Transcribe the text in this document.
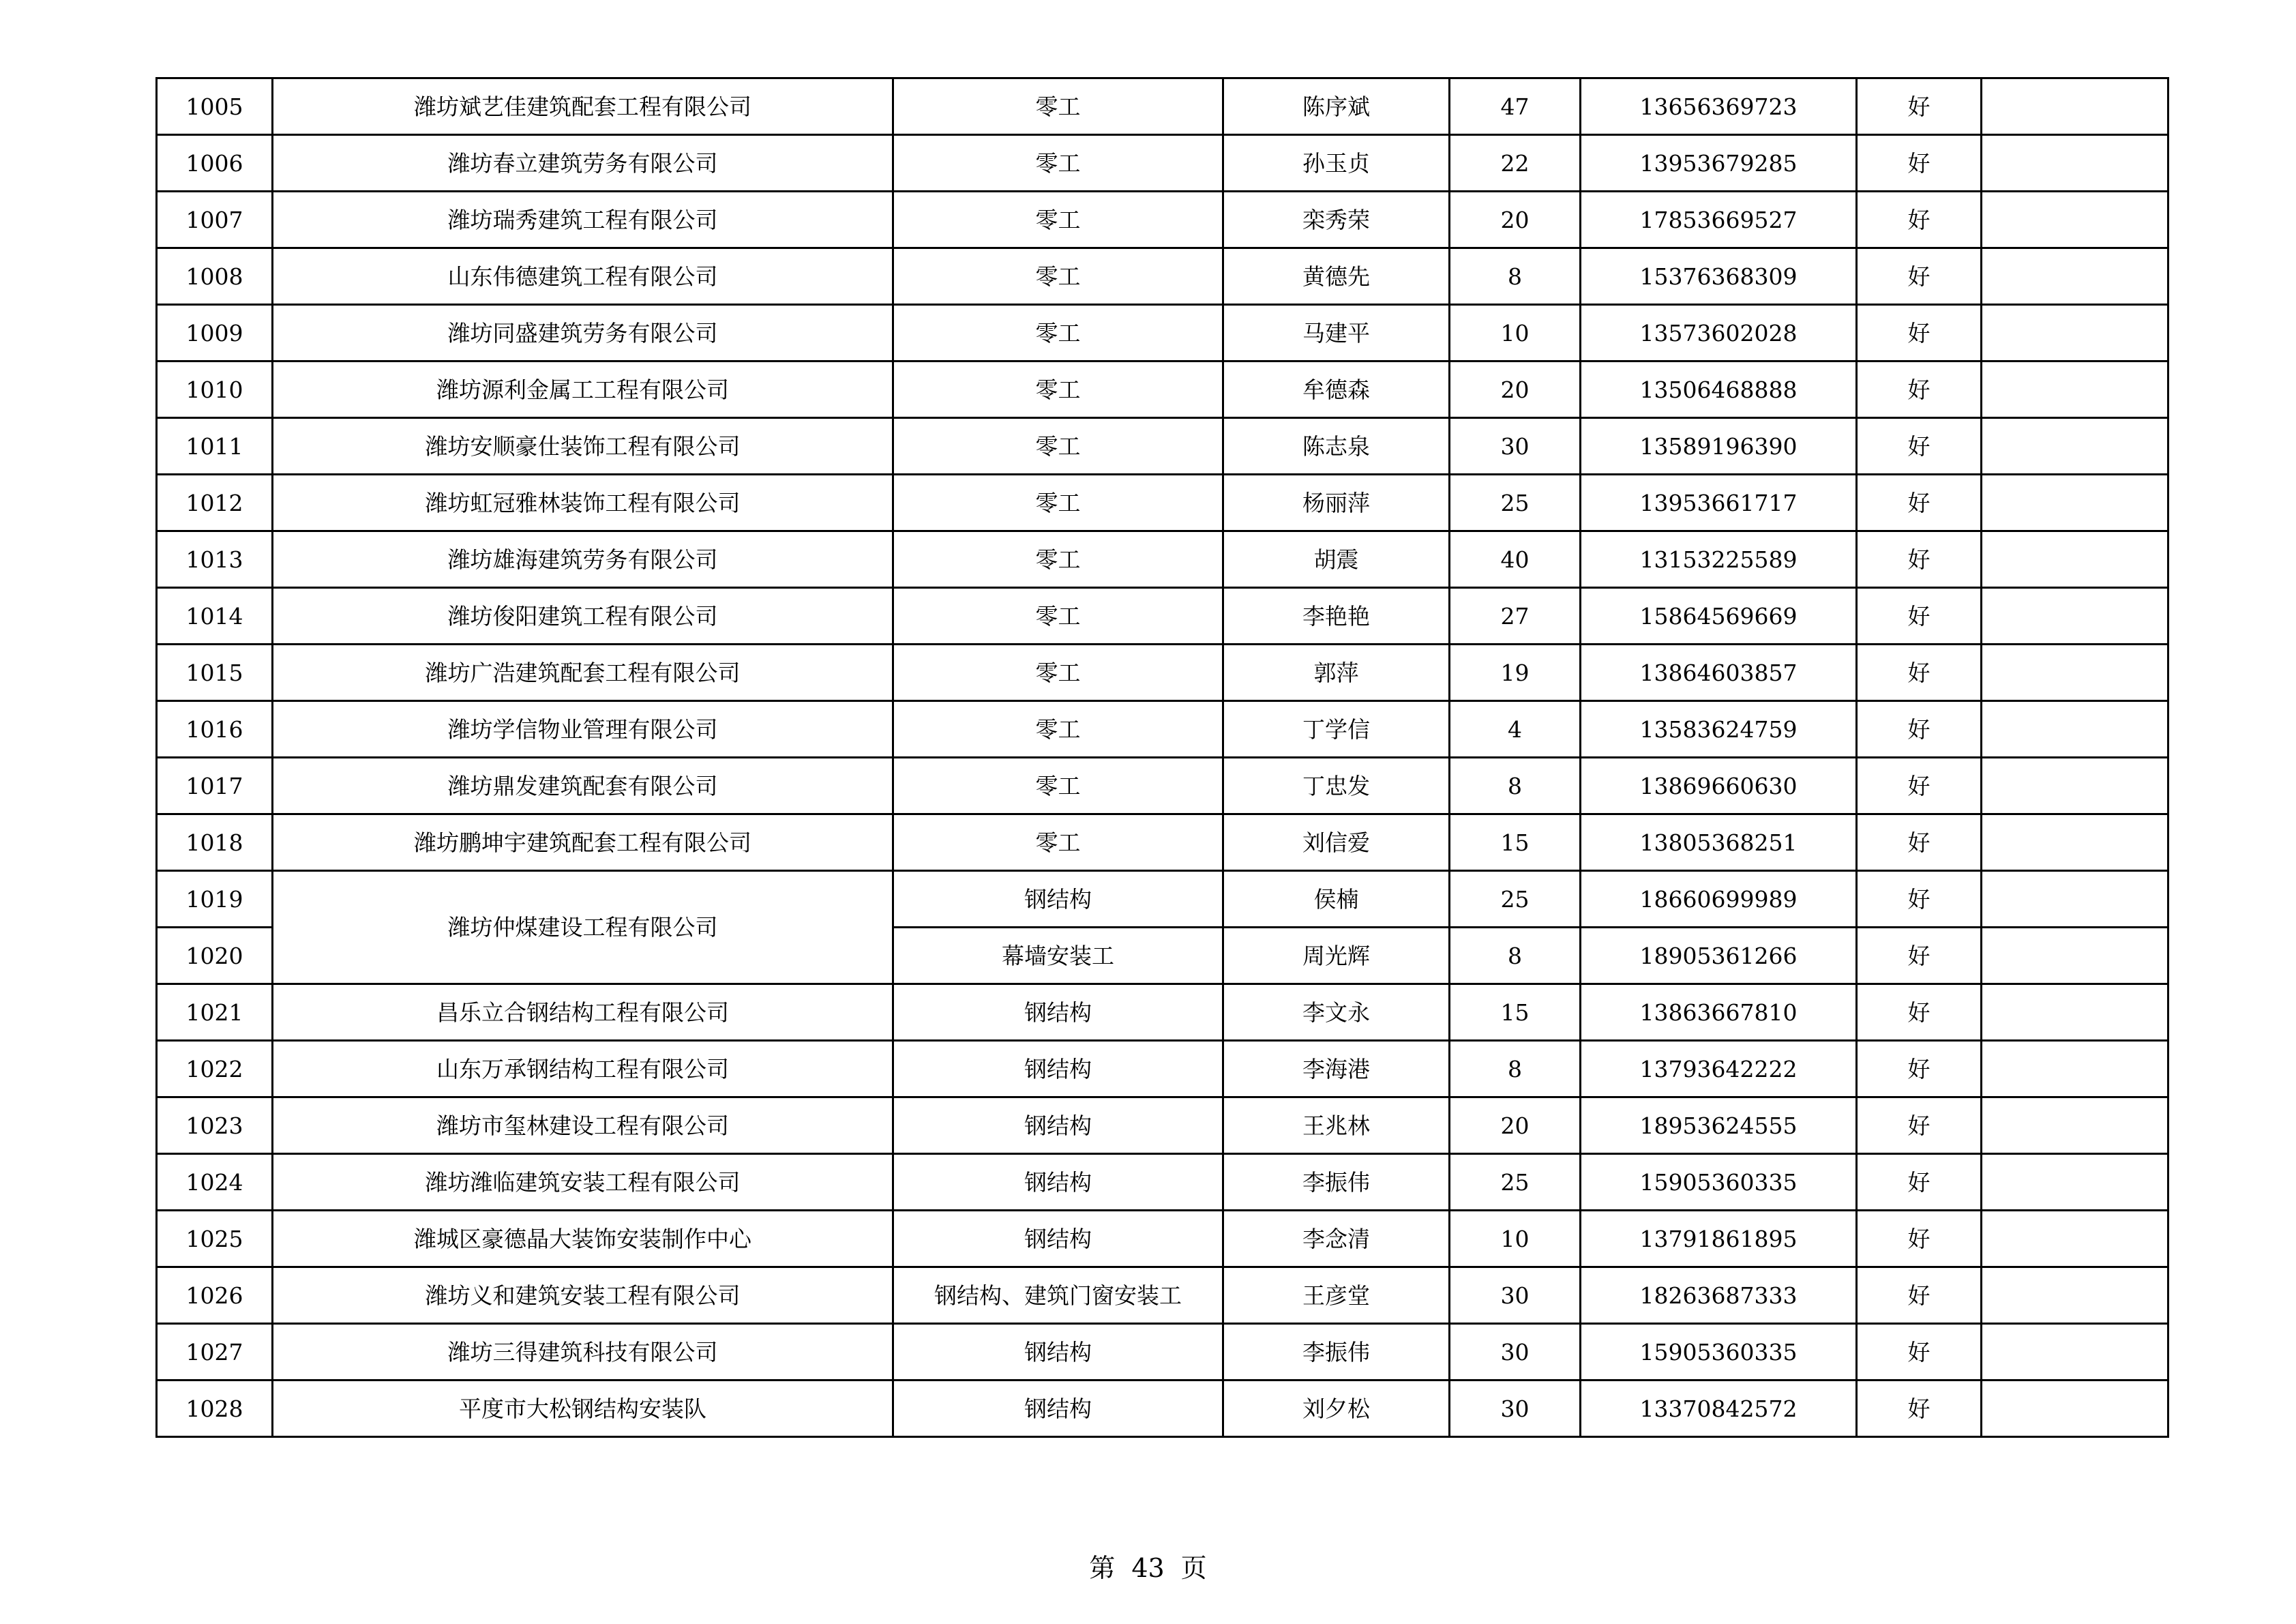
1005	潍坊斌艺佳建筑配套工程有限公司	零工	陈序斌	47	13656369723	好	
1006	潍坊春立建筑劳务有限公司	零工	孙玉贞	22	13953679285	好	
1007	潍坊瑞秀建筑工程有限公司	零工	栾秀荣	20	17853669527	好	
1008	山东伟德建筑工程有限公司	零工	黄德先	8	15376368309	好	
1009	潍坊同盛建筑劳务有限公司	零工	马建平	10	13573602028	好	
1010	潍坊源利金属工工程有限公司	零工	牟德森	20	13506468888	好	
1011	潍坊安顺豪仕装饰工程有限公司	零工	陈志泉	30	13589196390	好	
1012	潍坊虹冠雅林装饰工程有限公司	零工	杨丽萍	25	13953661717	好	
1013	潍坊雄海建筑劳务有限公司	零工	胡震	40	13153225589	好	
1014	潍坊俊阳建筑工程有限公司	零工	李艳艳	27	15864569669	好	
1015	潍坊广浩建筑配套工程有限公司	零工	郭萍	19	13864603857	好	
1016	潍坊学信物业管理有限公司	零工	丁学信	4	13583624759	好	
1017	潍坊鼎发建筑配套有限公司	零工	丁忠发	8	13869660630	好	
1018	潍坊鹏坤宇建筑配套工程有限公司	零工	刘信爱	15	13805368251	好	
1019	潍坊仲煤建设工程有限公司	钢结构	侯楠	25	18660699989	好	
1020		幕墙安装工	周光辉	8	18905361266	好	
1021	昌乐立合钢结构工程有限公司	钢结构	李文永	15	13863667810	好	
1022	山东万承钢结构工程有限公司	钢结构	李海港	8	13793642222	好	
1023	潍坊市玺林建设工程有限公司	钢结构	王兆林	20	18953624555	好	
1024	潍坊潍临建筑安装工程有限公司	钢结构	李振伟	25	15905360335	好	
1025	潍城区豪德晶大装饰安装制作中心	钢结构	李念清	10	13791861895	好	
1026	潍坊义和建筑安装工程有限公司	钢结构、建筑门窗安装工	王彦堂	30	18263687333	好	
1027	潍坊三得建筑科技有限公司	钢结构	李振伟	30	15905360335	好	
1028	平度市大松钢结构安装队	钢结构	刘夕松	30	13370842572	好	
第 43 页
